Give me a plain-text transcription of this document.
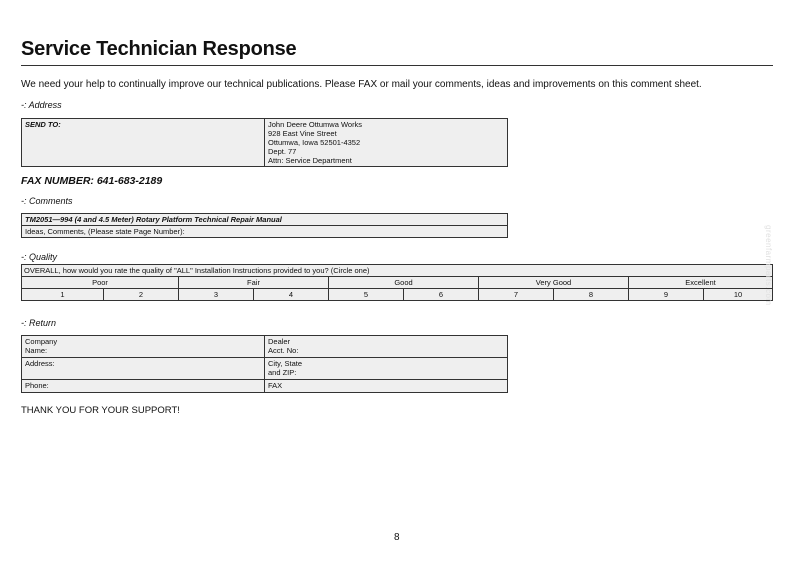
Service Technician Response
We need your help to continually improve our technical publications. Please FAX or mail your comments, ideas and improvements on this comment sheet.
-: Address
SEND TO:	John Deere Ottumwa Works
928 East Vine Street
Ottumwa, Iowa 52501-4352
Dept. 77
Attn: Service Department
FAX NUMBER: 641-683-2189
-: Comments
TM2051—994 (4 and 4.5 Meter) Rotary Platform Technical Repair Manual
Ideas, Comments, (Please state Page Number):
-: Quality
OVERALL, how would you rate the quality of "ALL" Installation Instructions provided to you? (Circle one)									
Poor		Fair		Good		Very Good		Excellent	
1	2	3	4	5	6	7	8	9	10
-: Return
Company Name:	Dealer Acct. No:

Address:	City, State and ZIP:

Phone:	FAX
THANK YOU FOR YOUR SUPPORT!
8
greenfarmparts.com
